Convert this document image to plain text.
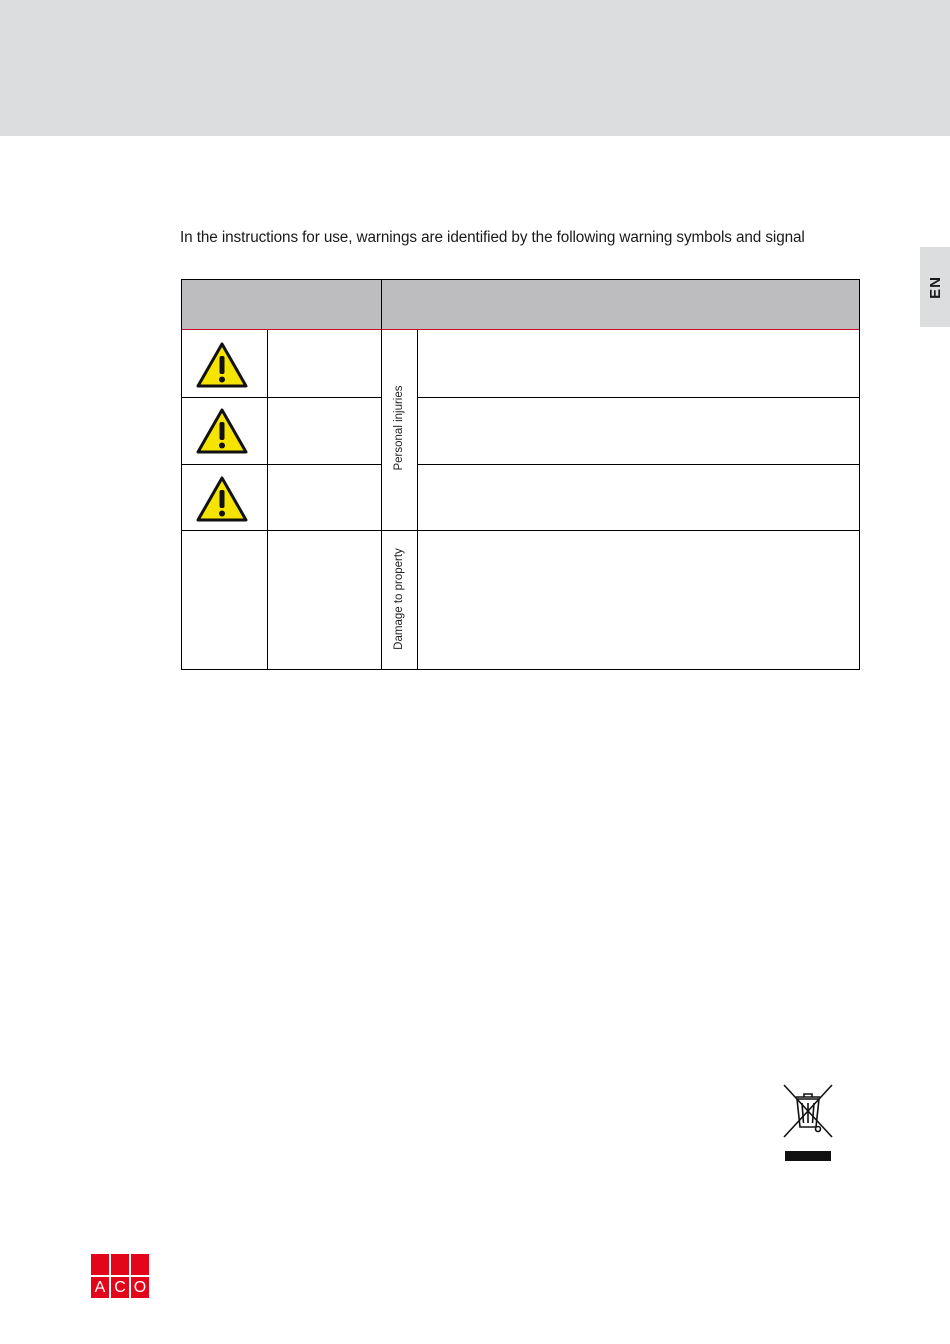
EN
In the instructions for use, warnings are identified by the following warning symbols and signal
Personal injuries
Damage to property
A C O
